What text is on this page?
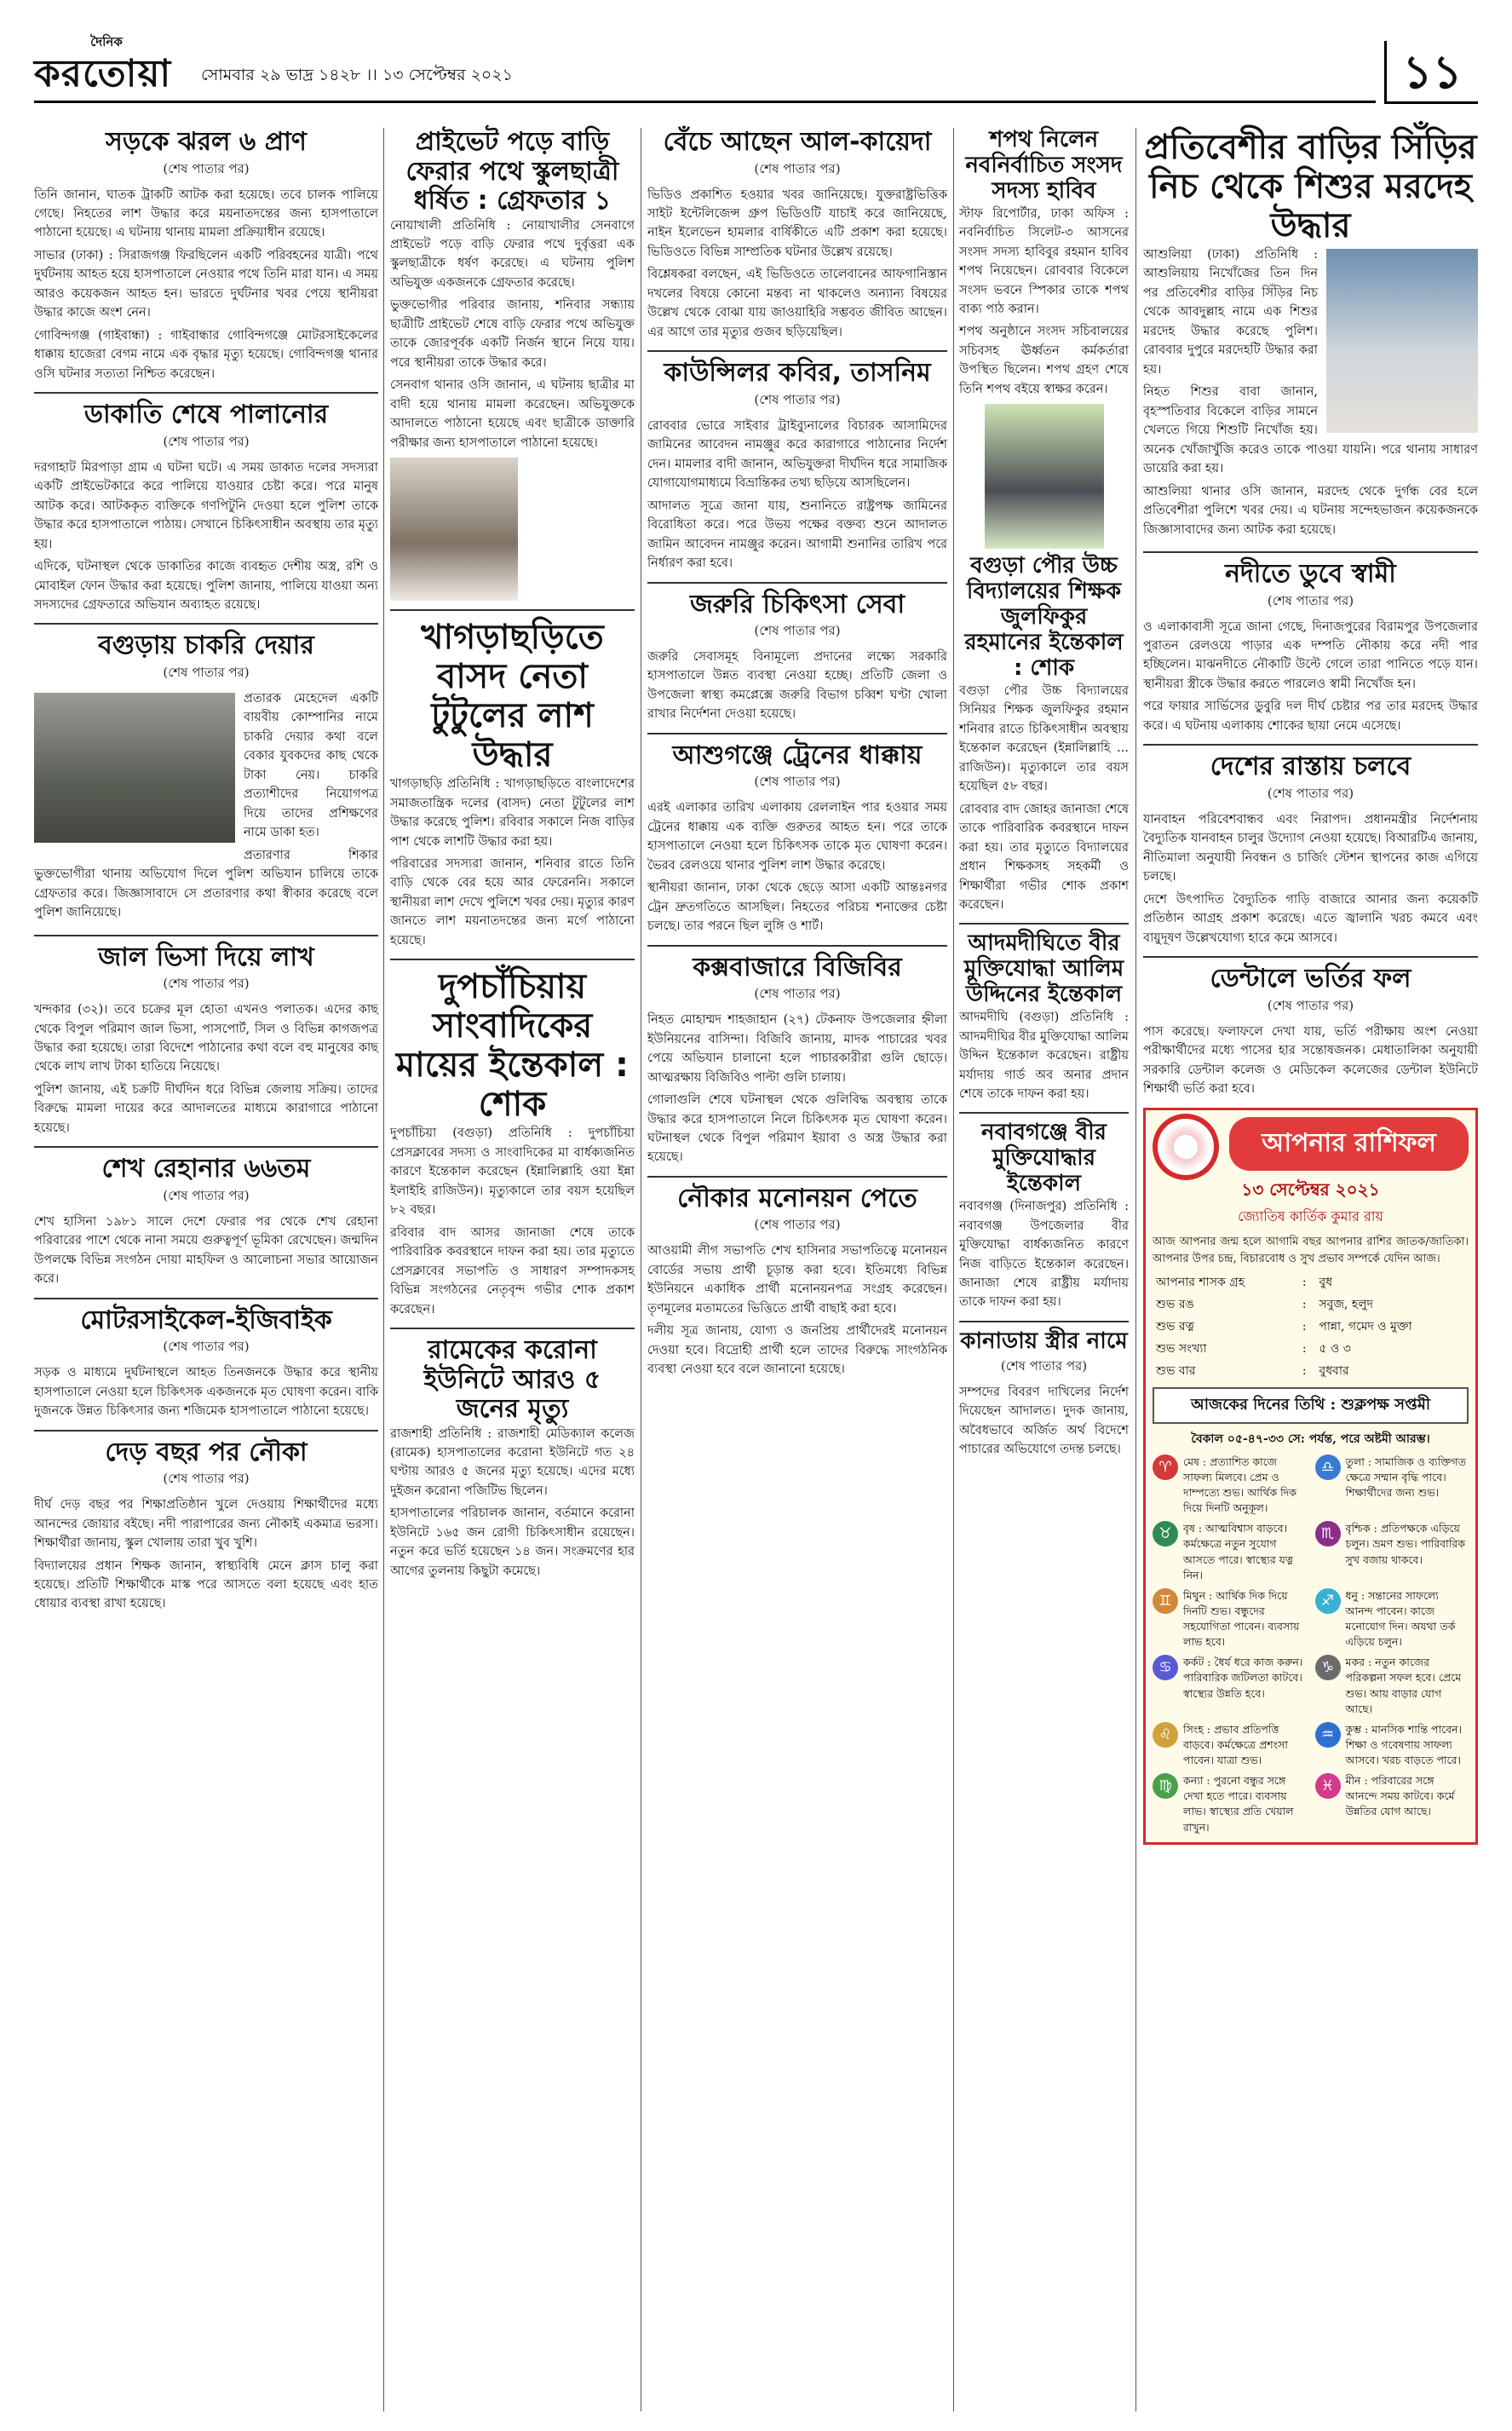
দৈনিক
করতোয়া	সোমবার ২৯ ভাদ্র ১৪২৮ ।। ১৩ সেপ্টেম্বর ২০২১	১১
সড়কে ঝরল ৬ প্রাণ
(শেষ পাতার পর)

তিনি জানান, ঘাতক ট্রাকটি আটক করা হয়েছে। তবে চালক পালিয়ে গেছে। নিহতের লাশ উদ্ধার করে ময়নাতদন্তের জন্য হাসপাতালে পাঠানো হয়েছে। এ ঘটনায় থানায় মামলা প্রক্রিয়াধীন রয়েছে।

সাভার (ঢাকা) : সিরাজগঞ্জ ফিরছিলেন একটি পরিবহনের যাত্রী। পথে দুর্ঘটনায় আহত হয়ে হাসপাতালে নেওয়ার পথে তিনি মারা যান। এ সময় আরও কয়েকজন আহত হন। ভারতে দুর্ঘটনার খবর পেয়ে স্থানীয়রা উদ্ধার কাজে অংশ নেন।

গোবিন্দগঞ্জ (গাইবান্ধা) : গাইবান্ধার গোবিন্দগঞ্জে মোটরসাইকেলের ধাক্কায় হাজেরা বেগম নামে এক বৃদ্ধার মৃত্যু হয়েছে। গোবিন্দগঞ্জ থানার ওসি ঘটনার সত্যতা নিশ্চিত করেছেন।

ডাকাতি শেষে পালানোর
(শেষ পাতার পর)

দরগাহাট মিরপাড়া গ্রাম এ ঘটনা ঘটে। এ সময় ডাকাত দলের সদস্যরা একটি প্রাইভেটকারে করে পালিয়ে যাওয়ার চেষ্টা করে। পরে মানুষ আটক করে। আটককৃত ব্যক্তিকে গণপিটুনি দেওয়া হলে পুলিশ তাকে উদ্ধার করে হাসপাতালে পাঠায়। সেখানে চিকিৎসাধীন অবস্থায় তার মৃত্যু হয়।

এদিকে, ঘটনাস্থল থেকে ডাকাতির কাজে ব্যবহৃত দেশীয় অস্ত্র, রশি ও মোবাইল ফোন উদ্ধার করা হয়েছে। পুলিশ জানায়, পালিয়ে যাওয়া অন্য সদস্যদের গ্রেফতারে অভিযান অব্যাহত রয়েছে।

বগুড়ায় চাকরি দেয়ার
(শেষ পাতার পর)

প্রতারক মেহেদেল একটি বায়বীয় কোম্পানির নামে চাকরি দেয়ার কথা বলে বেকার যুবকদের কাছ থেকে টাকা নেয়। চাকরি প্রত্যাশীদের নিয়োগপত্র দিয়ে তাদের প্রশিক্ষণের নামে ডাকা হত।

প্রতারণার শিকার ভুক্তভোগীরা থানায় অভিযোগ দিলে পুলিশ অভিযান চালিয়ে তাকে গ্রেফতার করে। জিজ্ঞাসাবাদে সে প্রতারণার কথা স্বীকার করেছে বলে পুলিশ জানিয়েছে।

জাল ভিসা দিয়ে লাখ
(শেষ পাতার পর)

খন্দকার (৩২)। তবে চক্রের মূল হোতা এখনও পলাতক। এদের কাছ থেকে বিপুল পরিমাণ জাল ভিসা, পাসপোর্ট, সিল ও বিভিন্ন কাগজপত্র উদ্ধার করা হয়েছে। তারা বিদেশে পাঠানোর কথা বলে বহু মানুষের কাছ থেকে লাখ লাখ টাকা হাতিয়ে নিয়েছে।

পুলিশ জানায়, এই চক্রটি দীর্ঘদিন ধরে বিভিন্ন জেলায় সক্রিয়। তাদের বিরুদ্ধে মামলা দায়ের করে আদালতের মাধ্যমে কারাগারে পাঠানো হয়েছে।

শেখ রেহানার ৬৬তম
(শেষ পাতার পর)

শেখ হাসিনা ১৯৮১ সালে দেশে ফেরার পর থেকে শেখ রেহানা পরিবারের পাশে থেকে নানা সময়ে গুরুত্বপূর্ণ ভূমিকা রেখেছেন। জন্মদিন উপলক্ষে বিভিন্ন সংগঠন দোয়া মাহফিল ও আলোচনা সভার আয়োজন করে।

মোটরসাইকেল-ইজিবাইক
(শেষ পাতার পর)

সড়ক ও মাধ্যমে দুর্ঘটনাস্থলে আহত তিনজনকে উদ্ধার করে স্থানীয় হাসপাতালে নেওয়া হলে চিকিৎসক একজনকে মৃত ঘোষণা করেন। বাকি দুজনকে উন্নত চিকিৎসার জন্য শজিমেক হাসপাতালে পাঠানো হয়েছে।

দেড় বছর পর নৌকা
(শেষ পাতার পর)

দীর্ঘ দেড় বছর পর শিক্ষাপ্রতিষ্ঠান খুলে দেওয়ায় শিক্ষার্থীদের মধ্যে আনন্দের জোয়ার বইছে। নদী পারাপারের জন্য নৌকাই একমাত্র ভরসা। শিক্ষার্থীরা জানায়, স্কুল খোলায় তারা খুব খুশি।

বিদ্যালয়ের প্রধান শিক্ষক জানান, স্বাস্থ্যবিধি মেনে ক্লাস চালু করা হয়েছে। প্রতিটি শিক্ষার্থীকে মাস্ক পরে আসতে বলা হয়েছে এবং হাত ধোয়ার ব্যবস্থা রাখা হয়েছে।

প্রাইভেট পড়ে বাড়ি ফেরার পথে স্কুলছাত্রী ধর্ষিত : গ্রেফতার ১

নোয়াখালী প্রতিনিধি : নোয়াখালীর সেনবাগে প্রাইভেট পড়ে বাড়ি ফেরার পথে দুর্বৃত্তরা এক স্কুলছাত্রীকে ধর্ষণ করেছে। এ ঘটনায় পুলিশ অভিযুক্ত একজনকে গ্রেফতার করেছে।

ভুক্তভোগীর পরিবার জানায়, শনিবার সন্ধ্যায় ছাত্রীটি প্রাইভেট শেষে বাড়ি ফেরার পথে অভিযুক্ত তাকে জোরপূর্বক একটি নির্জন স্থানে নিয়ে যায়। পরে স্থানীয়রা তাকে উদ্ধার করে।

সেনবাগ থানার ওসি জানান, এ ঘটনায় ছাত্রীর মা বাদী হয়ে থানায় মামলা করেছেন। অভিযুক্তকে আদালতে পাঠানো হয়েছে এবং ছাত্রীকে ডাক্তারি পরীক্ষার জন্য হাসপাতালে পাঠানো হয়েছে।

খাগড়াছড়িতে বাসদ নেতা টুটুলের লাশ উদ্ধার

খাগড়াছড়ি প্রতিনিধি : খাগড়াছড়িতে বাংলাদেশের সমাজতান্ত্রিক দলের (বাসদ) নেতা টুটুলের লাশ উদ্ধার করেছে পুলিশ। রবিবার সকালে নিজ বাড়ির পাশ থেকে লাশটি উদ্ধার করা হয়।

পরিবারের সদস্যরা জানান, শনিবার রাতে তিনি বাড়ি থেকে বের হয়ে আর ফেরেননি। সকালে স্থানীয়রা লাশ দেখে পুলিশে খবর দেয়। মৃত্যুর কারণ জানতে লাশ ময়নাতদন্তের জন্য মর্গে পাঠানো হয়েছে।

দুপচাঁচিয়ায় সাংবাদিকের মায়ের ইন্তেকাল : শোক

দুপচাঁচিয়া (বগুড়া) প্রতিনিধি : দুপচাঁচিয়া প্রেসক্লাবের সদস্য ও সাংবাদিকের মা বার্ধক্যজনিত কারণে ইন্তেকাল করেছেন (ইন্নালিল্লাহি ওয়া ইন্না ইলাইহি রাজিউন)। মৃত্যুকালে তার বয়স হয়েছিল ৮২ বছর।

রবিবার বাদ আসর জানাজা শেষে তাকে পারিবারিক কবরস্থানে দাফন করা হয়। তার মৃত্যুতে প্রেসক্লাবের সভাপতি ও সাধারণ সম্পাদকসহ বিভিন্ন সংগঠনের নেতৃবৃন্দ গভীর শোক প্রকাশ করেছেন।

রামেকের করোনা ইউনিটে আরও ৫ জনের মৃত্যু

রাজশাহী প্রতিনিধি : রাজশাহী মেডিক্যাল কলেজ (রামেক) হাসপাতালের করোনা ইউনিটে গত ২৪ ঘণ্টায় আরও ৫ জনের মৃত্যু হয়েছে। এদের মধ্যে দুইজন করোনা পজিটিভ ছিলেন।

হাসপাতালের পরিচালক জানান, বর্তমানে করোনা ইউনিটে ১৬৫ জন রোগী চিকিৎসাধীন রয়েছেন। নতুন করে ভর্তি হয়েছেন ১৪ জন। সংক্রমণের হার আগের তুলনায় কিছুটা কমেছে।

বেঁচে আছেন আল-কায়েদা
(শেষ পাতার পর)

ভিডিও প্রকাশিত হওয়ার খবর জানিয়েছে। যুক্তরাষ্ট্রভিত্তিক সাইট ইন্টেলিজেন্স গ্রুপ ভিডিওটি যাচাই করে জানিয়েছে, নাইন ইলেভেন হামলার বার্ষিকীতে এটি প্রকাশ করা হয়েছে। ভিডিওতে বিভিন্ন সাম্প্রতিক ঘটনার উল্লেখ রয়েছে।

বিশ্লেষকরা বলছেন, এই ভিডিওতে তালেবানের আফগানিস্তান দখলের বিষয়ে কোনো মন্তব্য না থাকলেও অন্যান্য বিষয়ের উল্লেখ থেকে বোঝা যায় জাওয়াহিরি সম্ভবত জীবিত আছেন। এর আগে তার মৃত্যুর গুজব ছড়িয়েছিল।

কাউন্সিলর কবির, তাসনিম
(শেষ পাতার পর)

রোববার ভোরে সাইবার ট্রাইব্যুনালের বিচারক আসামিদের জামিনের আবেদন নামঞ্জুর করে কারাগারে পাঠানোর নির্দেশ দেন। মামলার বাদী জানান, অভিযুক্তরা দীর্ঘদিন ধরে সামাজিক যোগাযোগমাধ্যমে বিভ্রান্তিকর তথ্য ছড়িয়ে আসছিলেন।

আদালত সূত্রে জানা যায়, শুনানিতে রাষ্ট্রপক্ষ জামিনের বিরোধিতা করে। পরে উভয় পক্ষের বক্তব্য শুনে আদালত জামিন আবেদন নামঞ্জুর করেন। আগামী শুনানির তারিখ পরে নির্ধারণ করা হবে।

জরুরি চিকিৎসা সেবা
(শেষ পাতার পর)

জরুরি সেবাসমূহ বিনামূল্যে প্রদানের লক্ষ্যে সরকারি হাসপাতালে উন্নত ব্যবস্থা নেওয়া হচ্ছে। প্রতিটি জেলা ও উপজেলা স্বাস্থ্য কমপ্লেক্সে জরুরি বিভাগ চব্বিশ ঘণ্টা খোলা রাখার নির্দেশনা দেওয়া হয়েছে।

আশুগঞ্জে ট্রেনের ধাক্কায়
(শেষ পাতার পর)

এরই এলাকার তারিখ এলাকায় রেললাইন পার হওয়ার সময় ট্রেনের ধাক্কায় এক ব্যক্তি গুরুতর আহত হন। পরে তাকে হাসপাতালে নেওয়া হলে চিকিৎসক তাকে মৃত ঘোষণা করেন। ভৈরব রেলওয়ে থানার পুলিশ লাশ উদ্ধার করেছে।

স্থানীয়রা জানান, ঢাকা থেকে ছেড়ে আসা একটি আন্তঃনগর ট্রেন দ্রুতগতিতে আসছিল। নিহতের পরিচয় শনাক্তের চেষ্টা চলছে। তার পরনে ছিল লুঙ্গি ও শার্ট।

কক্সবাজারে বিজিবির
(শেষ পাতার পর)

নিহত মোহাম্মদ শাহজাহান (২৭) টেকনাফ উপজেলার হ্নীলা ইউনিয়নের বাসিন্দা। বিজিবি জানায়, মাদক পাচারের খবর পেয়ে অভিযান চালানো হলে পাচারকারীরা গুলি ছোড়ে। আত্মরক্ষায় বিজিবিও পাল্টা গুলি চালায়।

গোলাগুলি শেষে ঘটনাস্থল থেকে গুলিবিদ্ধ অবস্থায় তাকে উদ্ধার করে হাসপাতালে নিলে চিকিৎসক মৃত ঘোষণা করেন। ঘটনাস্থল থেকে বিপুল পরিমাণ ইয়াবা ও অস্ত্র উদ্ধার করা হয়েছে।

নৌকার মনোনয়ন পেতে
(শেষ পাতার পর)

আওয়ামী লীগ সভাপতি শেখ হাসিনার সভাপতিত্বে মনোনয়ন বোর্ডের সভায় প্রার্থী চূড়ান্ত করা হবে। ইতিমধ্যে বিভিন্ন ইউনিয়নে একাধিক প্রার্থী মনোনয়নপত্র সংগ্রহ করেছেন। তৃণমূলের মতামতের ভিত্তিতে প্রার্থী বাছাই করা হবে।

দলীয় সূত্র জানায়, যোগ্য ও জনপ্রিয় প্রার্থীদেরই মনোনয়ন দেওয়া হবে। বিদ্রোহী প্রার্থী হলে তাদের বিরুদ্ধে সাংগঠনিক ব্যবস্থা নেওয়া হবে বলে জানানো হয়েছে।

শপথ নিলেন নবনির্বাচিত সংসদ সদস্য হাবিব

স্টাফ রিপোর্টার, ঢাকা অফিস : নবনির্বাচিত সিলেট-৩ আসনের সংসদ সদস্য হাবিবুর রহমান হাবিব শপথ নিয়েছেন। রোববার বিকেলে সংসদ ভবনে স্পিকার তাকে শপথ বাক্য পাঠ করান।

শপথ অনুষ্ঠানে সংসদ সচিবালয়ের সচিবসহ ঊর্ধ্বতন কর্মকর্তারা উপস্থিত ছিলেন। শপথ গ্রহণ শেষে তিনি শপথ বইয়ে স্বাক্ষর করেন।

বগুড়া পৌর উচ্চ বিদ্যালয়ের শিক্ষক জুলফিকুর রহমানের ইন্তেকাল : শোক

বগুড়া পৌর উচ্চ বিদ্যালয়ের সিনিয়র শিক্ষক জুলফিকুর রহমান শনিবার রাতে চিকিৎসাধীন অবস্থায় ইন্তেকাল করেছেন (ইন্নালিল্লাহি ... রাজিউন)। মৃত্যুকালে তার বয়স হয়েছিল ৫৮ বছর।

রোববার বাদ জোহর জানাজা শেষে তাকে পারিবারিক কবরস্থানে দাফন করা হয়। তার মৃত্যুতে বিদ্যালয়ের প্রধান শিক্ষকসহ সহকর্মী ও শিক্ষার্থীরা গভীর শোক প্রকাশ করেছেন।

আদমদীঘিতে বীর মুক্তিযোদ্ধা আলিম উদ্দিনের ইন্তেকাল

আদমদীঘি (বগুড়া) প্রতিনিধি : আদমদীঘির বীর মুক্তিযোদ্ধা আলিম উদ্দিন ইন্তেকাল করেছেন। রাষ্ট্রীয় মর্যাদায় গার্ড অব অনার প্রদান শেষে তাকে দাফন করা হয়।

নবাবগঞ্জে বীর মুক্তিযোদ্ধার ইন্তেকাল

নবাবগঞ্জ (দিনাজপুর) প্রতিনিধি : নবাবগঞ্জ উপজেলার বীর মুক্তিযোদ্ধা বার্ধক্যজনিত কারণে নিজ বাড়িতে ইন্তেকাল করেছেন। জানাজা শেষে রাষ্ট্রীয় মর্যাদায় তাকে দাফন করা হয়।

কানাডায় স্ত্রীর নামে
(শেষ পাতার পর)

সম্পদের বিবরণ দাখিলের নির্দেশ দিয়েছেন আদালত। দুদক জানায়, অবৈধভাবে অর্জিত অর্থ বিদেশে পাচারের অভিযোগে তদন্ত চলছে।

প্রতিবেশীর বাড়ির সিঁড়ির নিচ থেকে শিশুর মরদেহ উদ্ধার

আশুলিয়া (ঢাকা) প্রতিনিধি : আশুলিয়ায় নিখোঁজের তিন দিন পর প্রতিবেশীর বাড়ির সিঁড়ির নিচ থেকে আবদুল্লাহ নামে এক শিশুর মরদেহ উদ্ধার করেছে পুলিশ। রোববার দুপুরে মরদেহটি উদ্ধার করা হয়।

নিহত শিশুর বাবা জানান, বৃহস্পতিবার বিকেলে বাড়ির সামনে খেলতে গিয়ে শিশুটি নিখোঁজ হয়। অনেক খোঁজাখুঁজি করেও তাকে পাওয়া যায়নি। পরে থানায় সাধারণ ডায়েরি করা হয়।

আশুলিয়া থানার ওসি জানান, মরদেহ থেকে দুর্গন্ধ বের হলে প্রতিবেশীরা পুলিশে খবর দেয়। এ ঘটনায় সন্দেহভাজন কয়েকজনকে জিজ্ঞাসাবাদের জন্য আটক করা হয়েছে।

নদীতে ডুবে স্বামী
(শেষ পাতার পর)

ও এলাকাবাসী সূত্রে জানা গেছে, দিনাজপুরের বিরামপুর উপজেলার পুরাতন রেলওয়ে পাড়ার এক দম্পতি নৌকায় করে নদী পার হচ্ছিলেন। মাঝনদীতে নৌকাটি উল্টে গেলে তারা পানিতে পড়ে যান। স্থানীয়রা স্ত্রীকে উদ্ধার করতে পারলেও স্বামী নিখোঁজ হন।

পরে ফায়ার সার্ভিসের ডুবুরি দল দীর্ঘ চেষ্টার পর তার মরদেহ উদ্ধার করে। এ ঘটনায় এলাকায় শোকের ছায়া নেমে এসেছে।

দেশের রাস্তায় চলবে
(শেষ পাতার পর)

যানবাহন পরিবেশবান্ধব এবং নিরাপদ। প্রধানমন্ত্রীর নির্দেশনায় বৈদ্যুতিক যানবাহন চালুর উদ্যোগ নেওয়া হয়েছে। বিআরটিএ জানায়, নীতিমালা অনুযায়ী নিবন্ধন ও চার্জিং স্টেশন স্থাপনের কাজ এগিয়ে চলছে।

দেশে উৎপাদিত বৈদ্যুতিক গাড়ি বাজারে আনার জন্য কয়েকটি প্রতিষ্ঠান আগ্রহ প্রকাশ করেছে। এতে জ্বালানি খরচ কমবে এবং বায়ুদূষণ উল্লেখযোগ্য হারে কমে আসবে।

ডেন্টালে ভর্তির ফল
(শেষ পাতার পর)

পাস করেছে। ফলাফলে দেখা যায়, ভর্তি পরীক্ষায় অংশ নেওয়া পরীক্ষার্থীদের মধ্যে পাসের হার সন্তোষজনক। মেধাতালিকা অনুযায়ী সরকারি ডেন্টাল কলেজ ও মেডিকেল কলেজের ডেন্টাল ইউনিটে শিক্ষার্থী ভর্তি করা হবে।

আপনার রাশিফল
১৩ সেপ্টেম্বর ২০২১
জ্যোতিষ কার্তিক কুমার রায়

আজ আপনার জন্ম হলে আগামি বছর আপনার রাশির জাতক/জাতিকা। আপনার উপর চন্দ্র, বিচারবোধ ও সুখ প্রভাব সম্পর্কে যেদিন আজ।

আপনার শাসক গ্রহ	:	বুধ
শুভ রঙ	:	সবুজ, হলুদ
শুভ রত্ন	:	পান্না, গমেদ ও মুক্তা
শুভ সংখ্যা	:	৫ ও ৩
শুভ বার	:	বুধবার
আজকের দিনের তিথি : শুক্লপক্ষ সপ্তমী
বৈকাল ০৫-৪৭-৩৩ সে: পর্যন্ত, পরে অষ্টমী আরম্ভ।
♈	মেষ : প্রত্যাশিত কাজে সাফল্য মিলবে। প্রেম ও দাম্পত্যে শুভ। আর্থিক দিক দিয়ে দিনটি অনুকূল।
♎	তুলা : সামাজিক ও ব্যক্তিগত ক্ষেত্রে সম্মান বৃদ্ধি পাবে। শিক্ষার্থীদের জন্য শুভ।
♉	বৃষ : আত্মবিশ্বাস বাড়বে। কর্মক্ষেত্রে নতুন সুযোগ আসতে পারে। স্বাস্থ্যের যত্ন নিন।
♏	বৃশ্চিক : প্রতিপক্ষকে এড়িয়ে চলুন। ভ্রমণ শুভ। পারিবারিক সুখ বজায় থাকবে।
♊	মিথুন : আর্থিক দিক দিয়ে দিনটি শুভ। বন্ধুদের সহযোগিতা পাবেন। ব্যবসায় লাভ হবে।
♐	ধনু : সন্তানের সাফল্যে আনন্দ পাবেন। কাজে মনোযোগ দিন। অযথা তর্ক এড়িয়ে চলুন।
♋	কর্কট : ধৈর্য ধরে কাজ করুন। পারিবারিক জটিলতা কাটবে। স্বাস্থ্যের উন্নতি হবে।
♑	মকর : নতুন কাজের পরিকল্পনা সফল হবে। প্রেমে শুভ। আয় বাড়ার যোগ আছে।
♌	সিংহ : প্রভাব প্রতিপত্তি বাড়বে। কর্মক্ষেত্রে প্রশংসা পাবেন। যাত্রা শুভ।
♒	কুম্ভ : মানসিক শান্তি পাবেন। শিক্ষা ও গবেষণায় সাফল্য আসবে। খরচ বাড়তে পারে।
♍	কন্যা : পুরনো বন্ধুর সঙ্গে দেখা হতে পারে। ব্যবসায় লাভ। স্বাস্থ্যের প্রতি খেয়াল রাখুন।
♓	মীন : পরিবারের সঙ্গে আনন্দে সময় কাটবে। কর্মে উন্নতির যোগ আছে।
